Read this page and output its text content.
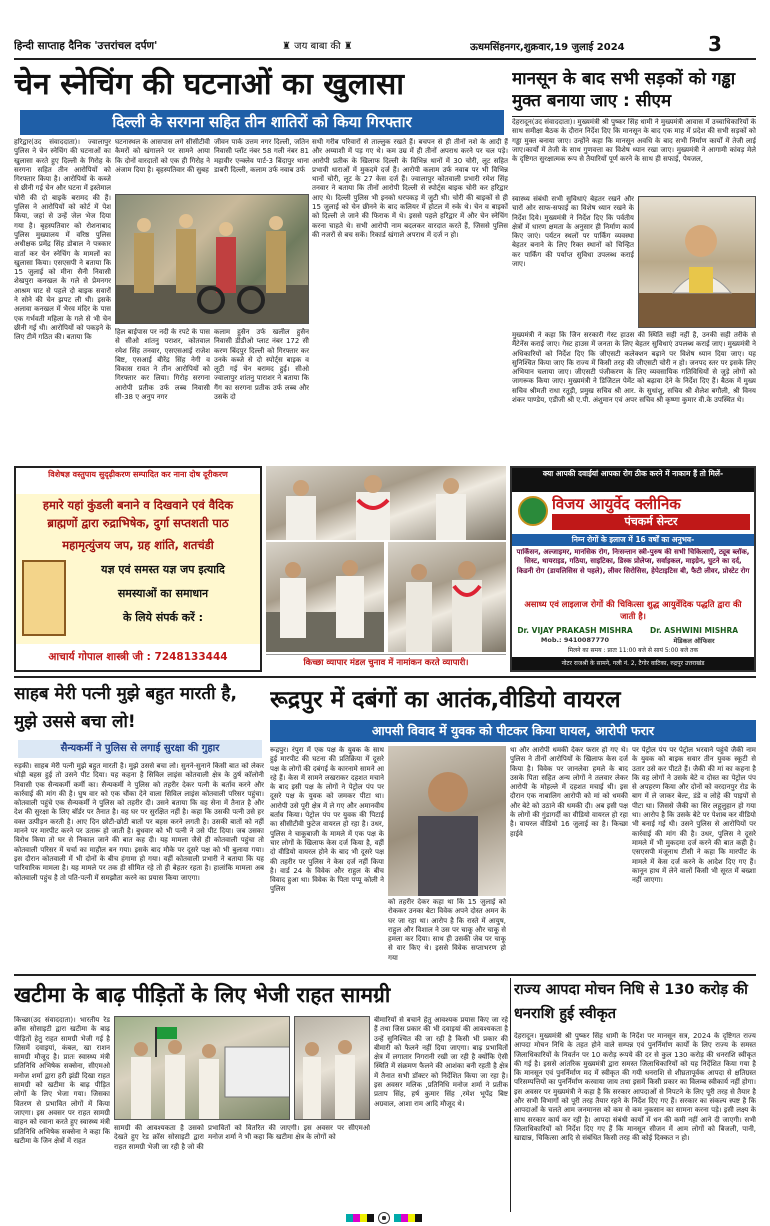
हिन्दी साप्ताह दैनिक 'उत्तरांचल दर्पण'	♜ जय बाबा की ♜	ऊधमसिंहनगर,शुक्रवार,19 जुलाई 2024	3
चेन स्नेचिंग की घटनाओं का खुलासा
दिल्ली के सरगना सहित तीन शातिरों को किया गिरफ्तार
हरिद्वार(उद संवाददाता)। ज्वालापुर पुलिस ने चेन स्नेचिंग की घटनाओं का खुलासा करते हुए दिल्ली के गिरोह के सरगना सहित तीन आरोपियों को गिरफ्तार किया है। आरोपियों के कब्जे से छीनी गई चेन और घटना में इस्तेमाल चोरी की दो बाइकें बरामद की हैं। पुलिस ने आरोपियों को कोर्ट में पेश किया, जहां से उन्हें जेल भेज दिया गया है। बृहस्पतिवार को रोशनाबाद पुलिस मुख्यालय में वरिष्ठ पुलिस अधीक्षक प्रमेंद्र सिंह डोबाल ने पत्रकार वार्ता कर चेन स्नेचिंग के मामलों का खुलासा किया। एसएसपी ने बताया कि 15 जुलाई को मीना सैनी निवासी शेखपुरा कनखल के गले से प्रेमनगर आश्रम घाट से पहले दो बाइक सवारों ने सोने की चेन झपट ली थी। इसके अलावा कनखल में भैरव मंदिर के पास एक गर्भवती महिला के गले से भी चेन छीनी गई थी। आरोपियों को पकड़ने के लिए टीमें गठित की। बताया कि
घटनास्थल के आसपास लगे सीसीटीवी कैमरों को खंगालने पर सामने आया कि दोनों वारदातों को एक ही गिरोह ने अंजाम दिया है। बृहस्पतिवार की सुबह
जीवन पार्क उत्तम नगर दिल्ली, जतिन निवासी प्लॉट नंबर 58 गली नंबर 81 महावीर एन्क्लेव पार्ट-3 बिंदापुर थाना डाबरी दिल्ली, कलाम उर्फ नवाब उर्फ
सथी गरीब परिवारों से ताल्लुक रखते हैं। बचपन से ही तीनों नशे के आदी हैं और अय्याशी में पड़ गए थे। कम उम्र में ही तीनों अपराध करने पर चल पड़े। आरोपी प्रतीक के खिलाफ दिल्ली के विभिन्न थानों में 30 चोरी, लूट सहित प्रभावी धाराओं में मुकदमे दर्ज हैं। आरोपी कलाम उर्फ नवाब पर भी विभिन्न थानों चोरी, लूट के 27 केस दर्ज हैं। ज्वालापुर कोतवाली प्रभारी रमेश सिंह तनवार ने बताया कि तीनों आरोपी दिल्ली से स्पोर्ट्स बाइक चोरी कर हरिद्वार आए थे। दिल्ली पुलिस भी इनको धरपकड़ में जुटी थी। चोरी की बाइकों से ही 15 जुलाई को चेन छीनने के बाद कलियर में होटल में रुके थे। चेन व बाइकों को दिल्ली ले जाने की फिराक में थे। इससे पहले हरिद्वार में और चेन स्नेचिंग करना चाहते थे। सभी आरोपी नाम बदलकर वारदात करते हैं, जिससे पुलिस की नजरों से बच सकें। रिकार्ड खंगाले अपराध में दर्ज न हो।
हिल बाईपास पर नदी के रपटे के पास से सीओ शांतनु पराशर, कोतवाल रमेश सिंह तनवार, एसएसआई राजेश बिष्ट, एसआई बीरेंद्र सिंह नेगी व विकास रावत ने तीन आरोपियों को गिरफ्तार कर लिया। गिरोह सरगना आरोपी प्रतीक उर्फ लब्ब निवासी सी-38 ए अनुप नगर
कलाम हुसैन उर्फ खलील हुसैन निवासी डीडीओ प्लाट नंबर 172 सी करण बिंदपुर दिल्ली को गिरफ्तार कर उनके कब्जे से दो स्पोर्ट्स बाइक व लूटी गई चेन बरामद हुई। सीओ ज्वालापुर शांतनु पाराशर ने बताया कि गैंग का सरगना प्रतीक उर्फ लब्ब और उसके दो
मानसून के बाद सभी सड़कों को गड्ढा मुक्त बनाया जाए : सीएम
देहरादून(उद संवाददाता)। मुख्यमंत्री श्री पुष्कर सिंह धामी ने मुख्यमंत्री आवास में उच्चाधिकारियों के साथ समीक्षा बैठक के दौरान निर्देश दिए कि मानसून के बाद एक माह में प्रदेश की सभी सड़कों को गड्ढा मुक्त बनाया जाए। उन्होंने कहा कि मानसून अवधि के बाद सभी निर्माण कार्यों में तेजी लाई जाए।कार्यों में तेजी के साथ गुणवत्ता का विशेष ध्यान रखा जाए। मुख्यमंत्री ने आगामी कांवड़ मेले के दृष्टिगत सुरक्षात्मक रूप से तैयारियों पूर्ण करने के साथ ही सफाई, पेयजल,
स्वास्थ्य संबंधी सभी सुविधाएं बेहतर रखने और चारों ओर साफ-सफाई का विशेष ध्यान रखने के निर्देश दिये। मुख्यमंत्री ने निर्देश दिए कि पर्वतीय क्षेत्रों में धारण क्षमता के अनुसार ही निर्माण कार्य किए जाएं। पर्यटन स्थलों पर पार्किंग व्यवस्था बेहतर बनाने के लिए रिक्त स्थानों को चिन्हित कर पार्किंग की पर्याप्त सुविधा उपलब्ध कराई जाए।
मुख्यमंत्री ने कहा कि जिन सरकारी गेस्ट हाउस की स्थिति सही नहीं है, उनकी सही तरीके से मैंटेनेंस कराई जाए। गेस्ट हाउस में जनता के लिए बेहतर सुविधाएं उपलब्ध कराई जाए। मुख्यमंत्री ने अधिकारियों को निर्देश दिए कि जीएसटी कलेक्शन बढ़ाने पर विशेष ध्यान दिया जाए। यह सुनिश्चित किया जाए कि राज्य में किसी तरह की जीएसटी चोरी न हो। जनपद स्तर पर इसके लिए अभियान चलाया जाए। जीएसटी पंजीकरण के लिए व्यवसायिक गतिविधियों से जुड़े लोगों को जागरूक किया जाए। मुख्यमंत्री ने डिजिटल पेमेंट को बढ़ावा देने के निर्देश दिए हैं। बैठक में मुख्य सचिव श्रीमती राधा रतूड़ी, प्रमुख सचिव श्री आर. के सुधांशु, सचिव श्री शैलेश बगौली, श्री विनय शंकर पाण्डेय, एडीजी श्री ए.पी. अंशुमान एवं अपर सचिव श्री कृष्णा कुमार वी.के उपस्थित थे।
विशेषज्ञ वस्तुपाय सुदृढ़ीकरण सम्पादित कर नाना दोष दूरीकरण
हमारे यहां कुंडली बनाने व दिखवाने एवं वैदिक
ब्राह्मणों द्वारा रुद्राभिषेक, दुर्गा सप्तशती पाठ
महामृत्युंजय जप, ग्रह शांति, शतचंडी
यज्ञ एवं समस्त यज्ञ जप इत्यादि
समस्याओं का समाधान
के लिये संपर्क करें :
आचार्य गोपाल शास्त्री जी : 7248133444	किच्छा व्यापार मंडल चुनाव में नामांकन करते व्यापारी।
क्या आपकी दवाईयां आपका रोग ठीक करने में नाकाम हैं तो मिलें-
विजय आयुर्वेद क्लीनिक
पंचकर्म सेन्टर
निम्न रोगों के इलाज में 16 वर्षों का अनुभव-
पार्किंसन, अल्जाइमर, मानसिक रोग, निःसन्तान स्त्री-पुरुष की सभी चिकित्साएँ, ट्यूब ब्लॉक, सिस्ट, थायराइड, गठिया, साइटिका, डिस्क प्रोलेप्स, सर्वाइकल, माइग्रेन, घुटने का दर्द, किडनी रोग (डायलिसिस से पहले), लीवर सिरोसिस, हेपेटाइटिस बी, फैटी लीवर, प्रोस्टेट रोग
असाध्य एवं लाइलाज रोगों की चिकित्सा शुद्ध आयुर्वेदिक पद्धति द्वारा की जाती है।
Dr. VIJAY PRAKASH MISHRA
Mob.: 9410087770
Dr. ASHWINI MISHRA
मेडिकल ऑफिसर
मिलने का समय : प्रातः 11:00 बजे से सायं 5:00 बजे तक
नोटर राजश्री के सामने, गली नं. 2, टैगोर वाटिका, रुद्रपुर उत्तराखंड
साहब मेरी पत्नी मुझे बहुत मारती है, मुझे उससे बचा लो!
सैन्यकर्मी ने पुलिस से लगाई सुरक्षा की गुहार
रुड़की। साहब मेरी पत्नी मुझे बहुत मारती है। मुझे उससे बचा लो। सुनने-सुनाने किसी बात को लेकर थोड़ी बहस हुई तो उसने पीट दिया। यह कहना है सिविल लाइंस कोतवाली क्षेत्र के ठुर्ष कॉलोनी निवासी एक सैन्यकर्मी कर्मी का। सैन्यकर्मी ने पुलिस को तहरीर देकर पत्नी के बर्ताव करने और कार्रवाई की मांग की है। घुष वार को एक चौंका देने वाला सिविल लाइंस कोतवाली परिसर पहुंचा। कोतवाली पहुंचे एक सैन्यकर्मी ने पुलिस को तहरीर दी। उसने बताया कि वह सेना में तैनात है और देश की सुरक्षा के लिए बॉर्डर पर तैनात है। वह घर पर सुरक्षित नहीं है। कहा कि उसकी पत्नी उसे हर वक्त उत्पीड़न करती है। आए दिन छोटी-छोटी बातों पर बहस करने लगती है। उसकी बातों को नहीं मानने पर मारपीट करने पर उतारू हो जाती है। बुधवार को भी पत्नी ने उसे पीट दिया। जब उसका विरोध किया तो घर से निकाल जाने की बात कह दी। यह मामला जैसे ही कोतवाली पहुंचा तो कोतवाली परिसर में चर्चा का माहौल बन गया। इसके बाद मौके पर दूसरे पक्ष को भी बुलाया गया। इस दौरान कोतवाली में भी दोनों के बीच हंगामा हो गया। वहीं कोतवाली प्रभारी ने बताया कि यह पारिवारिक मामला है। यह मामले पर तक ही सीमित रहे तो ही बेहतर रहता है। हालांकि मामला अब कोतवाली पहुंच है तो पति-पत्नी में समझौता करने का प्रयास किया जाएगा।
रूद्रपुर में दबंगों का आतंक,वीडियो वायरल
आपसी विवाद में युवक को पीटकर किया घायल, आरोपी फरार
रूद्रपुर। रंपुरा में एक पक्ष के युवक के साथ हुई मारपीट की घटना की प्रतिक्रिया में दूसरे पक्ष के लोगों की दबंगई के कारनामे सामने आ रहे हैं। केस में सामने लखराकर दहशत मचाने के बाद इसी पक्ष के लोगों ने पेट्रोल पंप पर दूसरे पक्ष के युवक को जमकर पीटा था। आरोपी उसे पूरी क्षेत्र में ले गए और अमानवीय बर्ताव किया। पेट्रोल पंप पर युवक की पिटाई का सीसीटीवी फुटेज वायरल हो रहा है। उधर, पुलिस ने चाकूबाजी के मामले में एक पक्ष के चार लोगों के खिलाफ केस दर्ज किया है, वहीं दो वीडियो वायरल होने के बाद भी दूसरे पक्ष की तहरीर पर पुलिस ने केस दर्ज नहीं किया है। वार्ड 24 के विवेक और राहुल के बीच विवाद हुआ था। विवेक के पिता पप्पू कोली ने पुलिस
को तहरीर देकर कहा था कि 15 जुलाई को रोककर उनका बेटा विवेक अपने दोस्त अमन के घर जा रहा था। आरोप है कि रास्ते में आयुष, राहुल और विशाल ने उस पर चाकू और चाकू से हमला कर दिया। साथ ही उसकी जेब पर चाकू से वार किए थे। इससे विवेक सप्ताभरण हो गया
था और आरोपी धमकी देकर फरार हो गए थे। पुलिस ने तीनों आरोपियों के खिलाफ केस दर्ज किया है। विवेक पर जानलेवा हमले के बाद उसके पिता सहित अन्य लोगों ने तलवार लेकर आरोपी के मोहल्ले में दहशत मचाई थी। इस दौरान एक नाबालिग आरोपी को मां को धमकी और बेटे को उठाने की धमकी दी। अब इसी पक्ष के लोगों की गुंडागर्दी का वीडियो वायरल हो रहा है। वायरल वीडियो 16 जुलाई का है। किच्छा हाईवे
पर पेट्रोल पंप पर पेट्रोल भरवाने पहुंचे जैकी नाम के युवक को बाइक सवार तीन युवक स्कूटी से उतार उसे कर पीटते हैं। जैकी की मां का कहना है कि वह लोगों ने उसके बेटे व दोस्त का पेट्रोल पंप से अपहरण किया और दोनों को वरदानपुर रोड के बाग में ले जाकर बेल्ट, डंडे व लोहे की पाइपों से पीटा था। जिससे जैकी का सिर लहूलुहान हो गया था। आरोप है कि उसके बेटे पर पेशाब कर वीडियो भी बनाई गई थी। उसने पुलिस से आरोपियों पर कार्रवाई की मांग की है। उधर, पुलिस ने दूसरे मामले में भी मुकदमा दर्ज करने की बात कही है। एसएसपी मंजूनाथ टीसी ने कहा कि मारपीट के मामले में केस दर्ज करने के आदेश दिए गए हैं। कानून हाथ में लेने वालों किसी भी सूरत में बख्शा नहीं जाएगा।
खटीमा के बाढ़ पीड़ितों के लिए भेजी राहत सामग्री
किच्छा(उद संवाददाता)। भारतीय रेड क्रॉस सोसाइटी द्वारा खटीमा के बाढ़ पीड़ितों हेतु राहत सामग्री भेजी गई है जिसमें दवाइयां, कंबल, खा राशन सामग्री मौजूद है। प्रातः स्वास्थ्य मंत्री प्रतिनिधि अभिषेक सक्सेना, सीएमओ मनोज शर्मा द्वारा हरी झंडी दिखा राहत सामग्री को खटीमा के बाढ़ पीड़ित लोगों के लिए भेजा गया। जिसका वितरण से प्रभावित लोगों में किया जाएगा। इस अवसर पर राहत सामग्री वाहन को रवाना करते हुए स्वास्थ्य मंत्री प्रतिनिधि अभिषेक सक्सेना ने कहा कि खटीमा के जिन क्षेत्रों में राहत
सामग्री की आवश्यकता है उसको देखते हुए रेड क्रॉस सोसाइटी द्वारा राहत सामग्री भेजी जा रही है जो की
प्रभावितों को वितरित की जाएगी। इस अवसर पर सीएमओ मनोज शर्मा ने भी कहा कि खटीमा क्षेत्र के लोगों को
बीमारियों से बचाने हेतु आवश्यक प्रयास किए जा रहे हैं तथा जिस प्रकार की भी दवाइयां की आवश्यकता है उन्हें सुनिश्चित की जा रही है किसी भी प्रकार की बीमारी को फैलने नहीं दिया जाएगा। बाढ़ प्रभावितों क्षेत्र में लगातार निगरानी रखी जा रही है क्योंकि ऐसी स्थिति में संक्रमण फैलने की आशंका बनी रहती है क्षेत्र में तैनात सभी डॉक्टर को निर्देशित किया जा रहा है। इस अवसर मलिक ,प्रतिनिधि मनोज शर्मा ने प्रतीक प्रताप सिंह, हर्ष कुमार सिंह ,रमेश भूपेंद्र बिष्ट अग्रवाल, आशा राम आदि मौजूद थे।
राज्य आपदा मोचन निधि से 130 करोड़ की धनराशि हुई स्वीकृत
देहरादून। मुख्यमंत्री श्री पुष्कर सिंह धामी के निर्देश पर मानसून सत्र, 2024 के दृष्टिगत राज्य आपदा मोचन निधि के तहत होने वाले सम्पन्न एवं पुनर्निर्माण कार्यों के लिए राज्य के समस्त जिलाधिकारियों के निवर्तन पर 10 करोड़ रूपये की दर से कुल 130 करोड़ की धनराशि स्वीकृत की गई है। इससे आंतरिक मुख्यमंत्री द्वारा समस्त जिलाधिकारियों को यह निर्देशित किया गया है कि मानसून एवं पुनर्निर्माण मद में स्वीकृत की गयी धनराशि से शीघ्रतापूर्वक आपदा से क्षतिग्रस्त परिसम्पत्तियों का पुनर्निर्माण करवाया जाय तथा इसमें किसी प्रकार का विलम्ब स्वीकार्य नहीं होगा। इस अवसर पर मुख्यमंत्री ने कहा है कि सरकार आपदाओं से निपटने के लिए पूरी तरह से तैयार है और सभी विभागों को पूरी तरह तैयार रहने के निर्देश दिए गए हैं। सरकार का संकल्प स्पष्ट है कि आपदाओं के चलते आम जनमानस को कम से कम नुकसान का सामना करना पड़े। इसी लक्ष्य के साथ सरकार कार्य कर रही है। आपदा संबंधी कार्यों में धन की कमी नहीं आने दी जाएगी। सभी जिलाधिकारियों को निर्देश दिए गए हैं कि मानसून सीजन में आम लोगों को बिजली, पानी, खाद्यान्न, चिकित्सा आदि से संबंधित किसी तरह की कोई दिक्कत न हो।
